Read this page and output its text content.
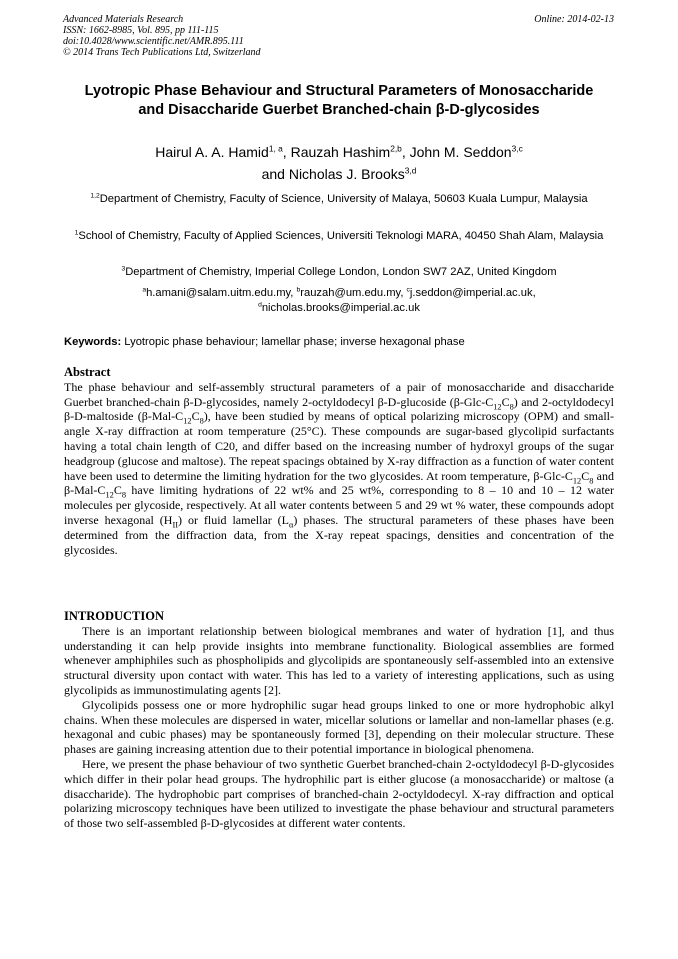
Advanced Materials Research
ISSN: 1662-8985, Vol. 895, pp 111-115
doi:10.4028/www.scientific.net/AMR.895.111
© 2014 Trans Tech Publications Ltd, Switzerland
Online: 2014-02-13
Lyotropic Phase Behaviour and Structural Parameters of Monosaccharide and Disaccharide Guerbet Branched-chain β-D-glycosides
Hairul A. A. Hamid$^{1, a}$, Rauzah Hashim$^{2,b}$, John M. Seddon$^{3,c}$
and Nicholas J. Brooks$^{3,d}$
$^{1,2}$Department of Chemistry, Faculty of Science, University of Malaya, 50603 Kuala Lumpur, Malaysia
$^1$School of Chemistry, Faculty of Applied Sciences, Universiti Teknologi MARA, 40450 Shah Alam, Malaysia
$^3$Department of Chemistry, Imperial College London, London SW7 2AZ, United Kingdom
$^a$h.amani@salam.uitm.edu.my, $^b$rauzah@um.edu.my, $^c$j.seddon@imperial.ac.uk,
$^d$nicholas.brooks@imperial.ac.uk
Keywords: Lyotropic phase behaviour; lamellar phase; inverse hexagonal phase
Abstract

The phase behaviour and self-assembly structural parameters of a pair of monosaccharide and disaccharide Guerbet branched-chain β-D-glycosides, namely 2-octyldodecyl β-D-glucoside $(\beta-Glc-C_{12}C_8)$ and 2-octyldodecyl β-D-maltoside $(\beta-Mal-C_{12}C_8)$, have been studied by means of optical polarizing microscopy (OPM) and small-angle X-ray diffraction at room temperature (25°C). These compounds are sugar-based glycolipid surfactants having a total chain length of C20, and differ based on the increasing number of hydroxyl groups of the sugar headgroup (glucose and maltose). The repeat spacings obtained by X-ray diffraction as a function of water content have been used to determine the limiting hydration for the two glycosides. At room temperature, $\beta-Glc-C_{12}C_8$ and $\beta-Mal-C_{12}C_8$ have limiting hydrations of 22 wt% and 25 wt%, corresponding to 8 – 10 and 10 – 12 water molecules per glycoside, respectively. At all water contents between 5 and 29 wt % water, these compounds adopt inverse hexagonal $(H_{II})$ or fluid lamellar $(L_\alpha)$ phases. The structural parameters of these phases have been determined from the diffraction data, from the X-ray repeat spacings, densities and concentration of the glycosides.

INTRODUCTION

There is an important relationship between biological membranes and water of hydration [1], and thus understanding it can help provide insights into membrane functionality. Biological assemblies are formed whenever amphiphiles such as phospholipids and glycolipids are spontaneously self-assembled into an extensive structural diversity upon contact with water. This has led to a variety of interesting applications, such as using glycolipids as immunostimulating agents [2].

Glycolipids possess one or more hydrophilic sugar head groups linked to one or more hydrophobic alkyl chains. When these molecules are dispersed in water, micellar solutions or lamellar and non-lamellar phases (e.g. hexagonal and cubic phases) may be spontaneously formed [3], depending on their molecular structure. These phases are gaining increasing attention due to their potential importance in biological phenomena.

Here, we present the phase behaviour of two synthetic Guerbet branched-chain 2-octyldodecyl β-D-glycosides which differ in their polar head groups. The hydrophilic part is either glucose (a monosaccharide) or maltose (a disaccharide). The hydrophobic part comprises of branched-chain 2-octyldodecyl. X-ray diffraction and optical polarizing microscopy techniques have been utilized to investigate the phase behaviour and structural parameters of those two self-assembled β-D-glycosides at different water contents.
